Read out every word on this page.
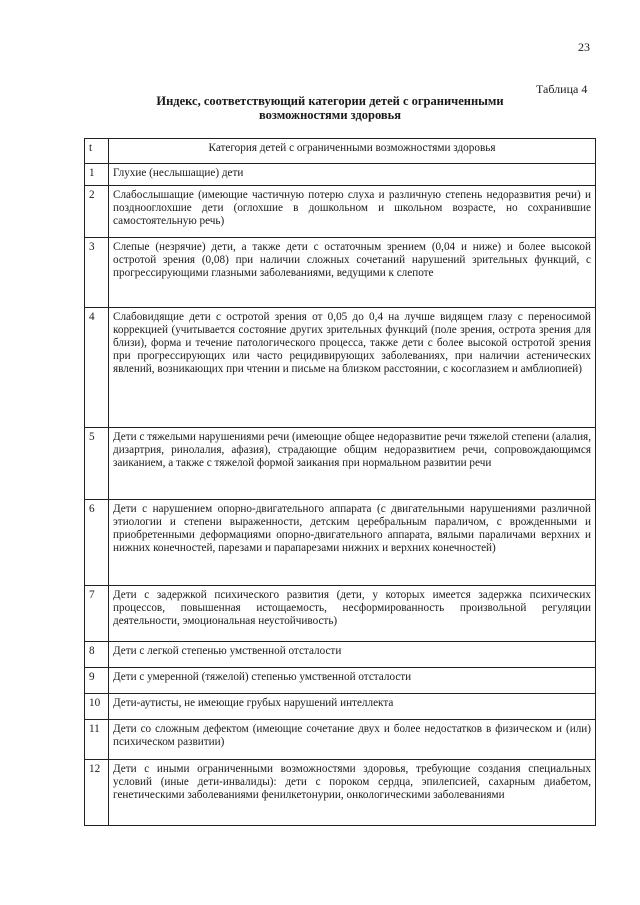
23
Таблица 4
Индекс, соответствующий категории детей с ограниченными
возможностями здоровья
t	Категория детей с ограниченными возможностями здоровья
1	Глухие (неслышащие) дети
2	Слабослышащие (имеющие частичную потерю слуха и различную степень недоразвития речи) и позднооглохшие дети (оглохшие в дошкольном и школьном возрасте, но сохранившие самостоятельную речь)
3	Слепые (незрячие) дети, а также дети с остаточным зрением (0,04 и ниже) и более высокой остротой зрения (0,08) при наличии сложных сочетаний нарушений зрительных функций, с прогрессирующими глазными заболеваниями, ведущими к слепоте
4	Слабовидящие дети с остротой зрения от 0,05 до 0,4 на лучше видящем глазу с переносимой коррекцией (учитывается состояние других зрительных функций (поле зрения, острота зрения для близи), форма и течение патологического процесса, также дети с более высокой остротой зрения при прогрессирующих или часто рецидивирующих заболеваниях, при наличии астенических явлений, возникающих при чтении и письме на близком расстоянии, с косоглазием и амблиопией)
5	Дети с тяжелыми нарушениями речи (имеющие общее недоразвитие речи тяжелой степени (алалия, дизартрия, ринолалия, афазия), страдающие общим недоразвитием речи, сопровождающимся заиканием, а также с тяжелой формой заикания при нормальном развитии речи
6	Дети с нарушением опорно-двигательного аппарата (с двигательными нарушениями различной этиологии и степени выраженности, детским церебральным параличом, с врожденными и приобретенными деформациями опорно-двигательного аппарата, вялыми параличами верхних и нижних конечностей, парезами и парапарезами нижних и верхних конечностей)
7	Дети с задержкой психического развития (дети, у которых имеется задержка психических процессов, повышенная истощаемость, несформированность произвольной регуляции деятельности, эмоциональная неустойчивость)
8	Дети с легкой степенью умственной отсталости
9	Дети с умеренной (тяжелой) степенью умственной отсталости
10	Дети-аутисты, не имеющие грубых нарушений интеллекта
11	Дети со сложным дефектом (имеющие сочетание двух и более недостатков в физическом и (или) психическом развитии)
12	Дети с иными ограниченными возможностями здоровья, требующие создания специальных условий (иные дети-инвалиды): дети с пороком сердца, эпилепсией, сахарным диабетом, генетическими заболеваниями фенилкетонурии, онкологическими заболеваниями
